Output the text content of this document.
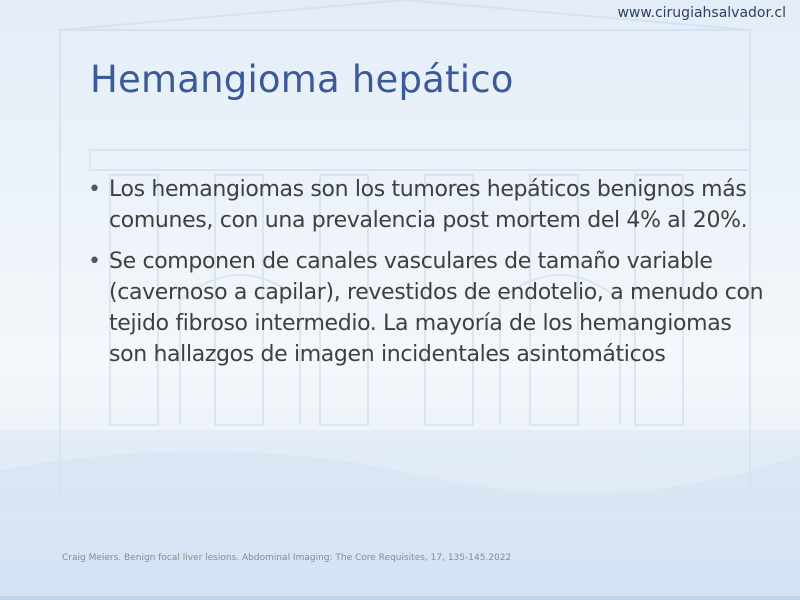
www.cirugiahsalvador.cl
Hemangioma hepático
• Los hemangiomas son los tumores hepáticos benignos más comunes, con una prevalencia post mortem del 4% al 20%.
• Se componen de canales vasculares de tamaño variable (cavernoso a capilar), revestidos de endotelio, a menudo con tejido fibroso intermedio. La mayoría de los hemangiomas son hallazgos de imagen incidentales asintomáticos
Craig Meiers. Benign focal liver lesions. Abdominal Imaging: The Core Requisites, 17, 135-145.2022
